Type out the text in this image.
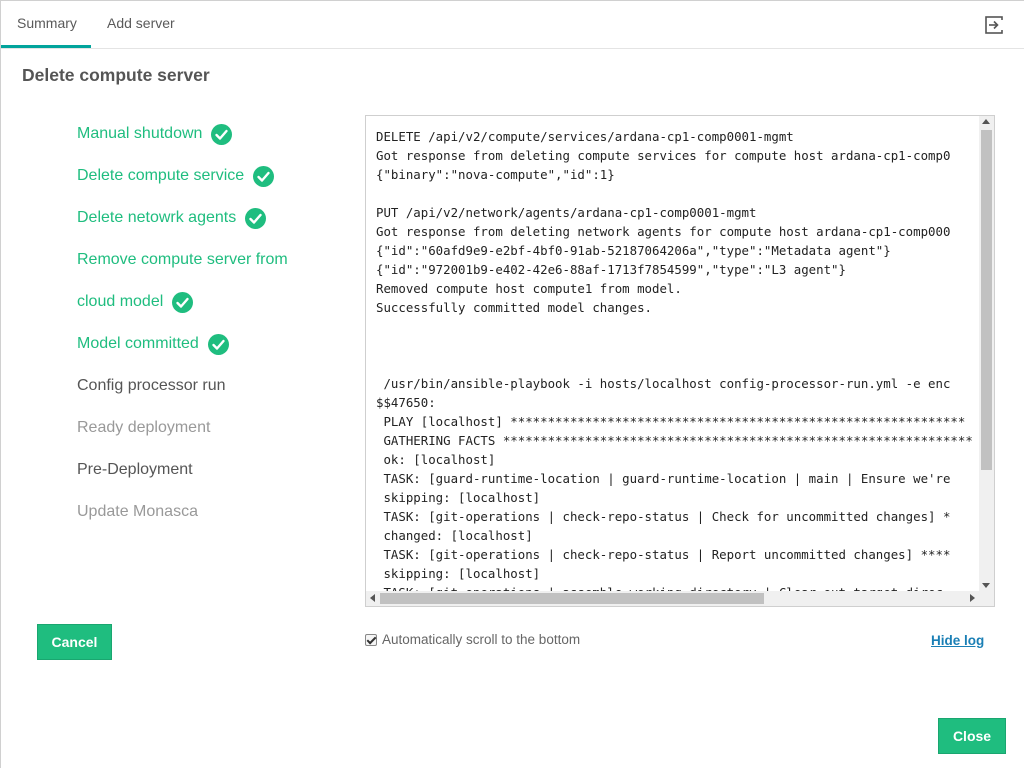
Summary	Add server
Delete compute server
Manual shutdown
Delete compute service
Delete netowrk agents
Remove compute server from
cloud model
Model committed
Config processor run
Ready deployment
Pre-Deployment
Update Monasca
DELETE /api/v2/compute/services/ardana-cp1-comp0001-mgmt
Got response from deleting compute services for compute host ardana-cp1-comp0
{"binary":"nova-compute","id":1}
PUT /api/v2/network/agents/ardana-cp1-comp0001-mgmt
Got response from deleting network agents for compute host ardana-cp1-comp000
{"id":"60afd9e9-e2bf-4bf0-91ab-52187064206a","type":"Metadata agent"}
{"id":"972001b9-e402-42e6-88af-1713f7854599","type":"L3 agent"}
Removed compute host compute1 from model.
Successfully committed model changes.
/usr/bin/ansible-playbook -i hosts/localhost config-processor-run.yml -e enc
$$47650:
PLAY [localhost] *************************************************************
GATHERING FACTS ***************************************************************
ok: [localhost]
TASK: [guard-runtime-location | guard-runtime-location | main | Ensure we're
skipping: [localhost]
TASK: [git-operations | check-repo-status | Check for uncommitted changes] *
changed: [localhost]
TASK: [git-operations | check-repo-status | Report uncommitted changes] ****
skipping: [localhost]
Cancel	Automatically scroll to the bottom	Hide log
Close
